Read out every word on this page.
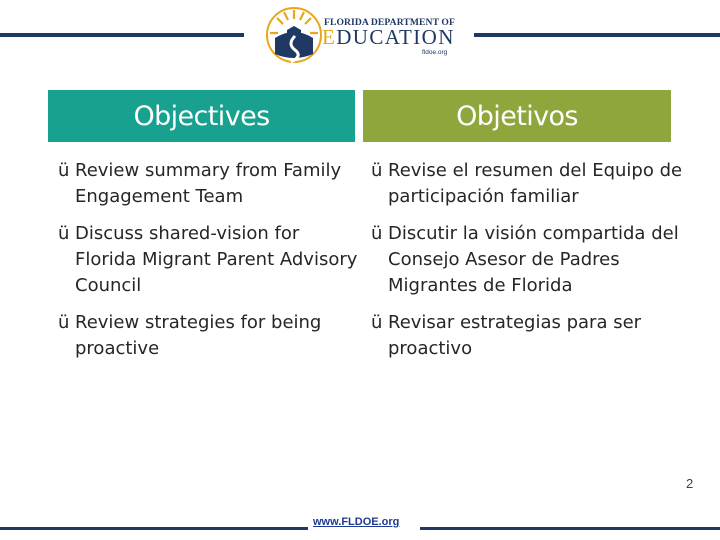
FLORIDA DEPARTMENT OF
EDUCATION
fldoe.org
Objectives	Objetivos
ü Review summary from Family Engagement Team
ü Discuss shared-vision for Florida Migrant Parent Advisory Council
ü Review strategies for being proactive
ü Revise el resumen del Equipo de participación familiar
ü Discutir la visión compartida del Consejo Asesor de Padres Migrantes de Florida
ü Revisar estrategias para ser proactivo
www.FLDOE.org
2
